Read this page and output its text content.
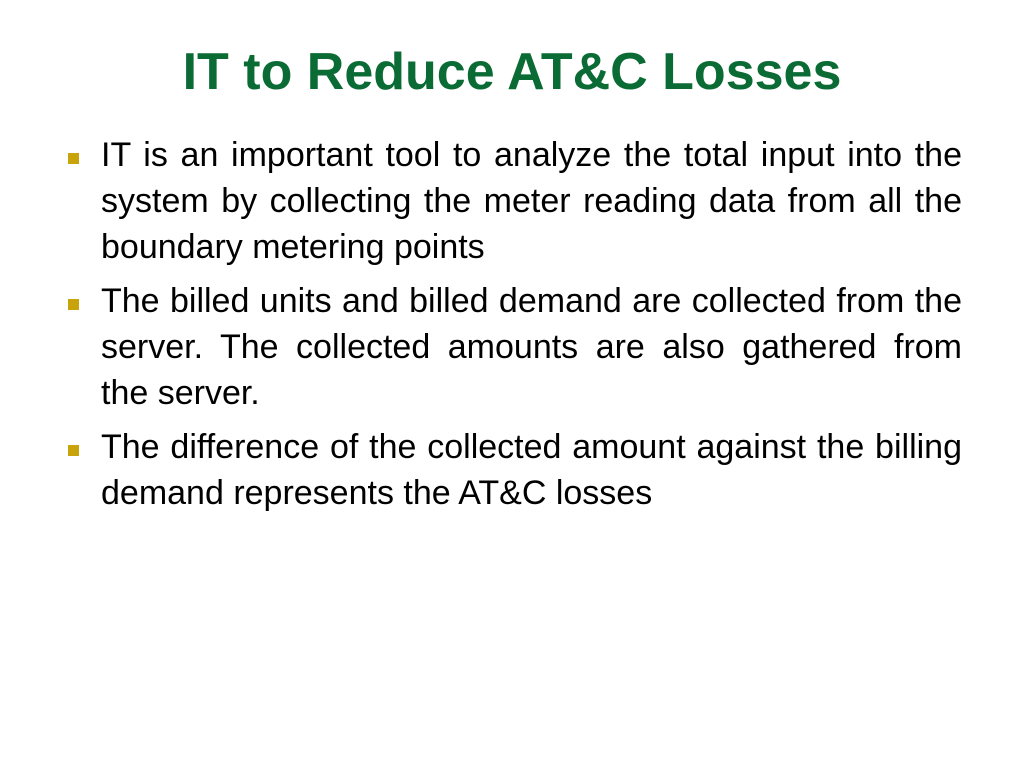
IT to Reduce AT&C Losses
IT is an important tool to analyze the total input into the system by collecting the meter reading data from all the boundary metering points
The billed units and billed demand are collected from the server. The collected amounts are also gathered from the server.
The difference of the collected amount against the billing demand represents the AT&C losses
